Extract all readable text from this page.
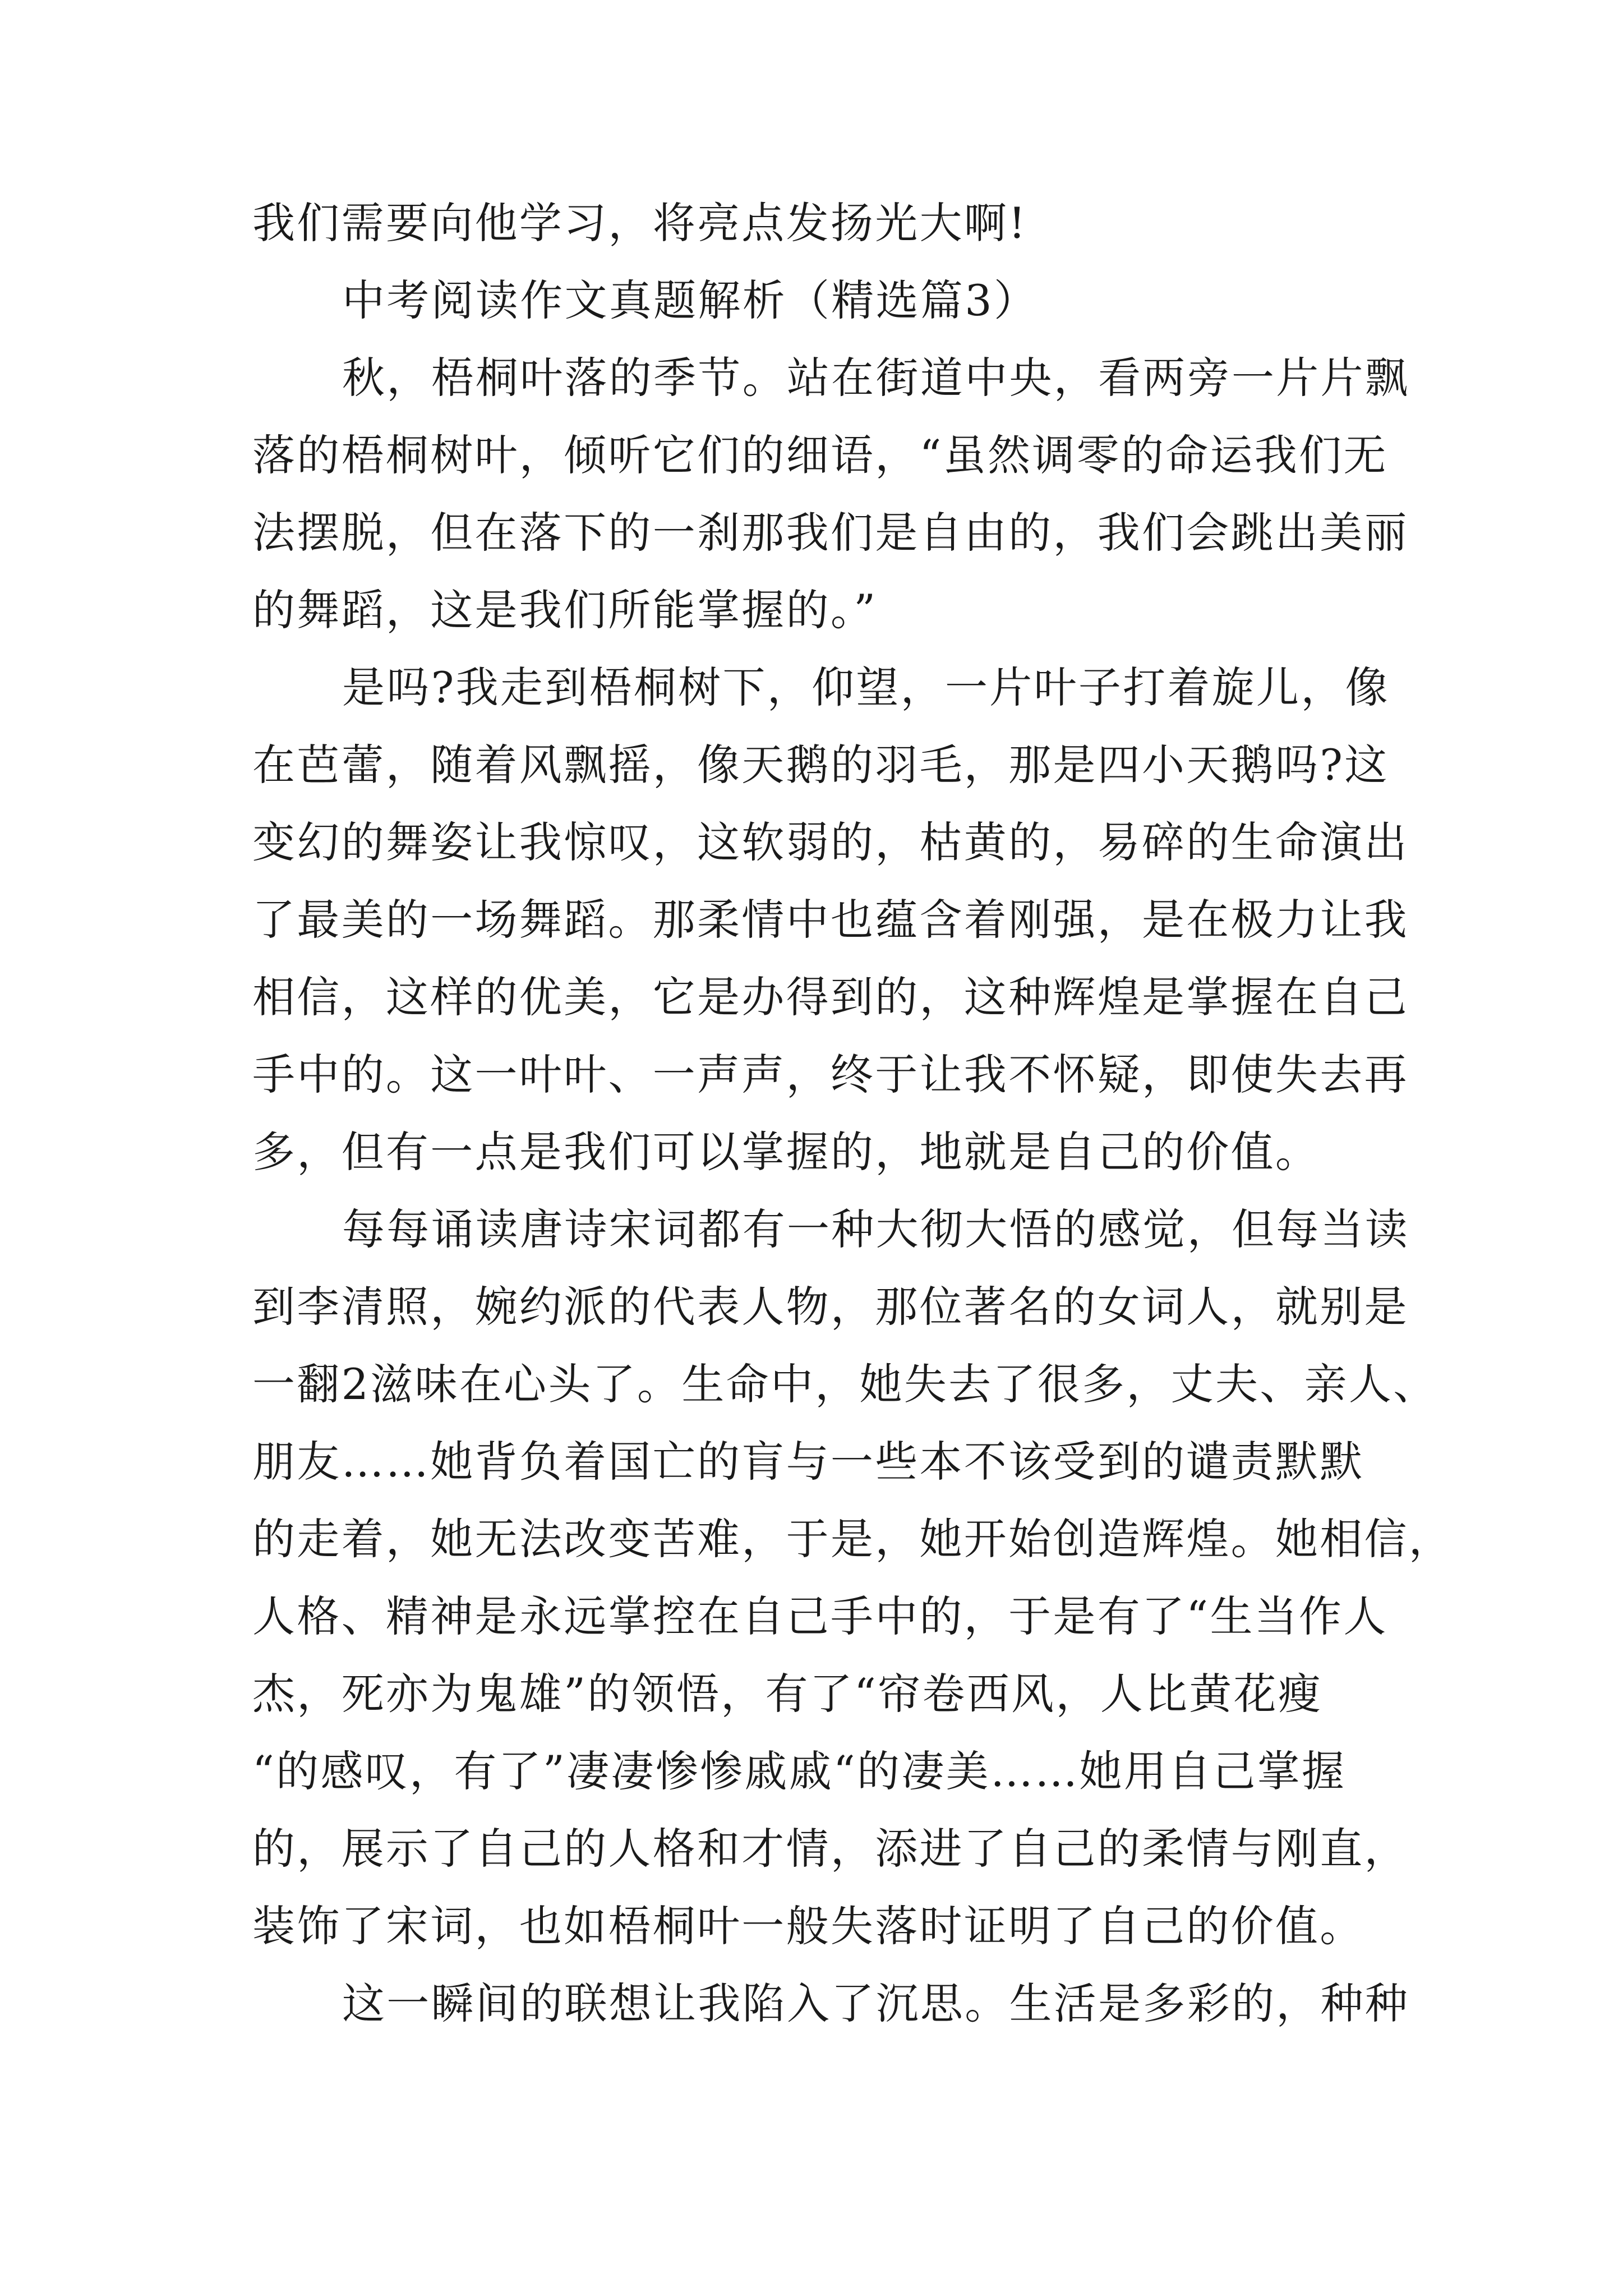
我们需要向他学习，将亮点发扬光大啊!
中考阅读作文真题解析（精选篇3）
秋，梧桐叶落的季节。站在街道中央，看两旁一片片飘
落的梧桐树叶，倾听它们的细语，“虽然调零的命运我们无
法摆脱，但在落下的一刹那我们是自由的，我们会跳出美丽
的舞蹈，这是我们所能掌握的。”
是吗?我走到梧桐树下，仰望，一片叶子打着旋儿，像
在芭蕾，随着风飘摇，像天鹅的羽毛，那是四小天鹅吗?这
变幻的舞姿让我惊叹，这软弱的，枯黄的，易碎的生命演出
了最美的一场舞蹈。那柔情中也蕴含着刚强，是在极力让我
相信，这样的优美，它是办得到的，这种辉煌是掌握在自己
手中的。这一叶叶、一声声，终于让我不怀疑，即使失去再
多，但有一点是我们可以掌握的，地就是自己的价值。
每每诵读唐诗宋词都有一种大彻大悟的感觉，但每当读
到李清照，婉约派的代表人物，那位著名的女词人，就别是
一翻2滋味在心头了。生命中，她失去了很多，丈夫、亲人、
朋友……她背负着国亡的肓与一些本不该受到的谴责默默
的走着，她无法改变苦难，于是，她开始创造辉煌。她相信，
人格、精神是永远掌控在自己手中的，于是有了“生当作人
杰，死亦为鬼雄”的领悟，有了“帘卷西风，人比黄花瘦
“的感叹，有了”凄凄惨惨戚戚“的凄美……她用自己掌握
的，展示了自己的人格和才情，添进了自己的柔情与刚直，
装饰了宋词，也如梧桐叶一般失落时证明了自己的价值。
这一瞬间的联想让我陷入了沉思。生活是多彩的，种种
